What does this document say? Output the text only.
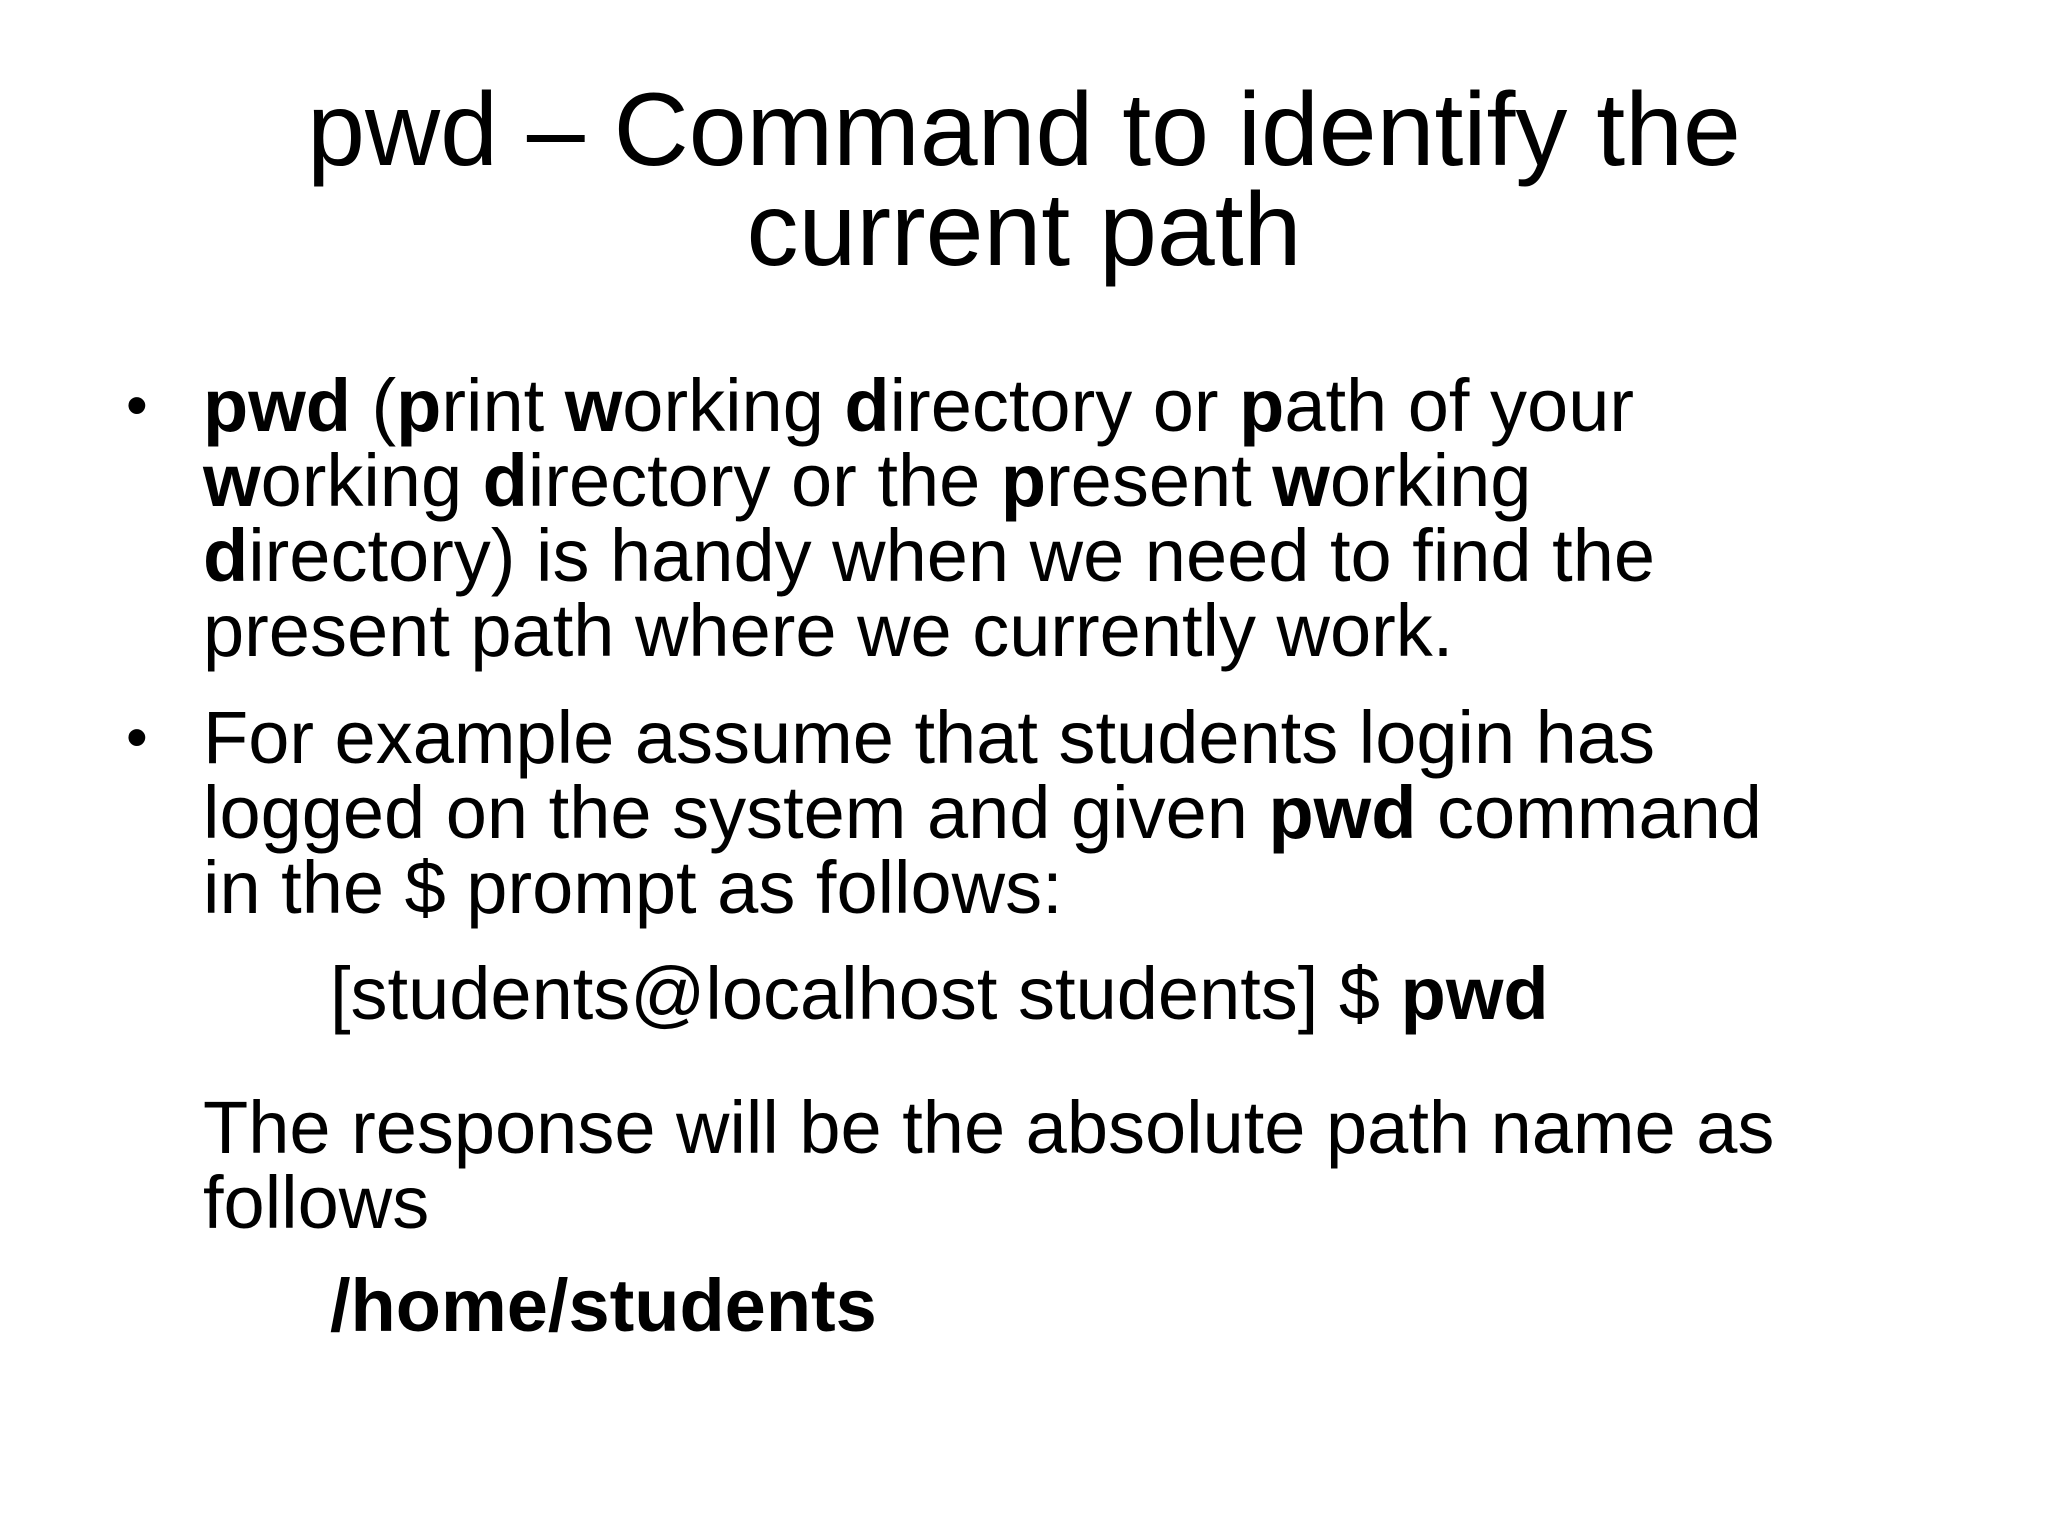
pwd – Command to identify the
current path
• pwd (print working directory or path of your
working directory or the present working
directory) is handy when we need to find the
present path where we currently work.
• For example assume that students login has
logged on the system and given pwd command
in the $ prompt as follows:
[students@localhost students] $ pwd
The response will be the absolute path name as
follows
/home/students
